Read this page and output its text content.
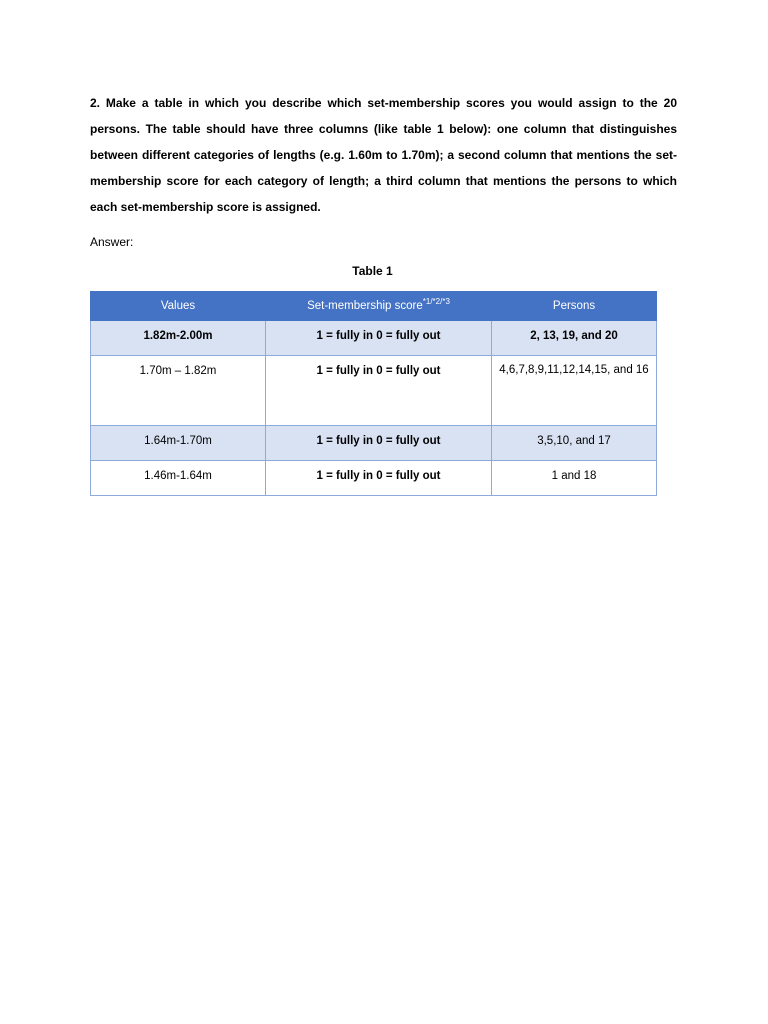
2. Make a table in which you describe which set-membership scores you would assign to the 20 persons. The table should have three columns (like table 1 below): one column that distinguishes between different categories of lengths (e.g. 1.60m to 1.70m); a second column that mentions the set-membership score for each category of length; a third column that mentions the persons to which each set-membership score is assigned.

Answer:

Table 1

Values	Set-membership score$^{*1/*2/*3}$	Persons
1.82m-2.00m	1 = fully in 0 = fully out	2, 13, 19, and 20
1.70m – 1.82m	1 = fully in 0 = fully out	4,6,7,8,9,11,12,14,15, and 16

1.64m-1.70m	1 = fully in 0 = fully out	3,5,10, and 17
1.46m-1.64m	1 = fully in 0 = fully out	1 and 18
